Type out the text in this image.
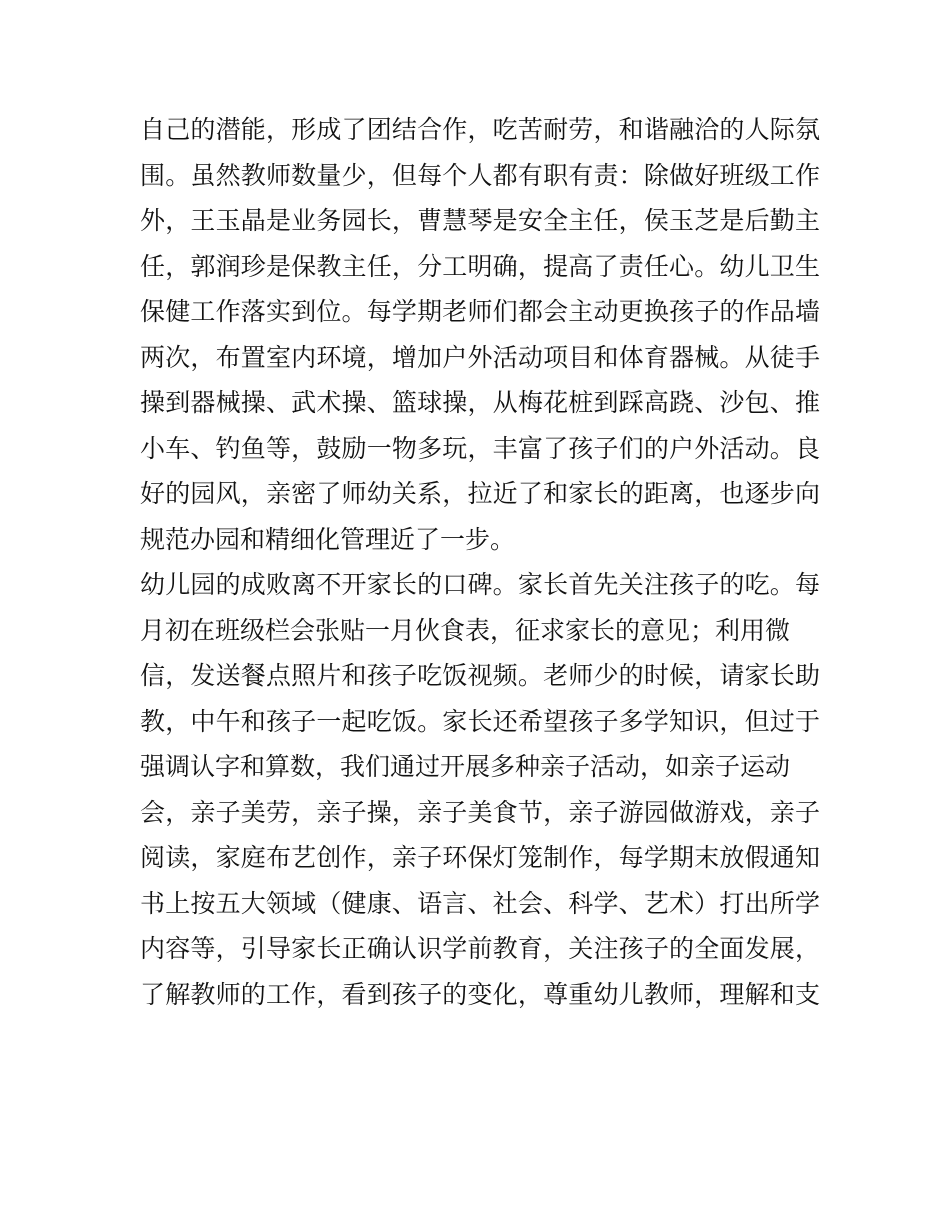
自己的潜能，形成了团结合作，吃苦耐劳，和谐融洽的人际氛
围。虽然教师数量少，但每个人都有职有责：除做好班级工作
外，王玉晶是业务园长，曹慧琴是安全主任，侯玉芝是后勤主
任，郭润珍是保教主任，分工明确，提高了责任心。幼儿卫生
保健工作落实到位。每学期老师们都会主动更换孩子的作品墙
两次，布置室内环境，增加户外活动项目和体育器械。从徒手
操到器械操、武术操、篮球操，从梅花桩到踩高跷、沙包、推
小车、钓鱼等，鼓励一物多玩，丰富了孩子们的户外活动。良
好的园风，亲密了师幼关系，拉近了和家长的距离，也逐步向
规范办园和精细化管理近了一步。
幼儿园的成败离不开家长的口碑。家长首先关注孩子的吃。每
月初在班级栏会张贴一月伙食表，征求家长的意见；利用微
信，发送餐点照片和孩子吃饭视频。老师少的时候，请家长助
教，中午和孩子一起吃饭。家长还希望孩子多学知识，但过于
强调认字和算数，我们通过开展多种亲子活动，如亲子运动
会，亲子美劳，亲子操，亲子美食节，亲子游园做游戏，亲子
阅读，家庭布艺创作，亲子环保灯笼制作，每学期末放假通知
书上按五大领域（健康、语言、社会、科学、艺术）打出所学
内容等，引导家长正确认识学前教育，关注孩子的全面发展，
了解教师的工作，看到孩子的变化，尊重幼儿教师，理解和支
